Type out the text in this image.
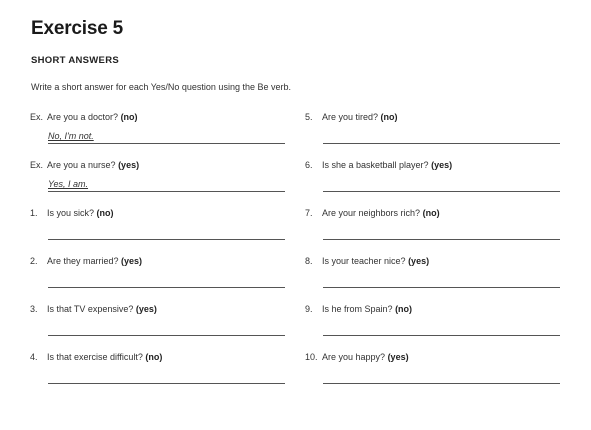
Exercise 5
SHORT ANSWERS
Write a short answer for each Yes/No question using the Be verb.
Ex. Are you a doctor? (no)
No, I'm not.
Ex. Are you a nurse? (yes)
Yes, I am.
1. Is you sick? (no)
2. Are they married? (yes)
3. Is that TV expensive? (yes)
4. Is that exercise difficult? (no)
5. Are you tired? (no)
6. Is she a basketball player? (yes)
7. Are your neighbors rich? (no)
8. Is your teacher nice? (yes)
9. Is he from Spain? (no)
10. Are you happy? (yes)
